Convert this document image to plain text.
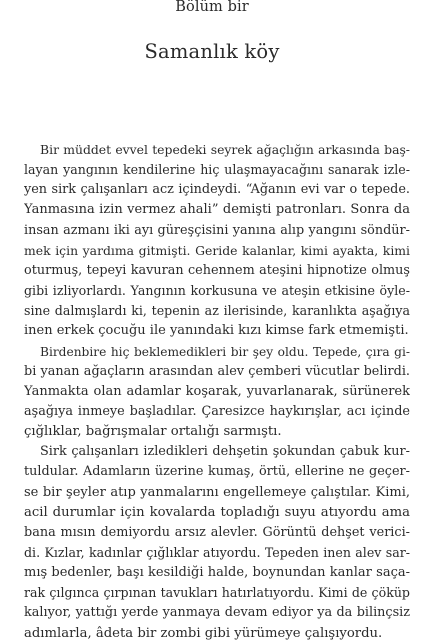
Bölüm bir
Samanlık köy
Bir müddet evvel tepedeki seyrek ağaçlığın arkasında baş-
layan yangının kendilerine hiç ulaşmayacağını sanarak izle-
yen sirk çalışanları acz içindeydi. “Ağanın evi var o tepede.
Yanmasına izin vermez ahali” demişti patronları. Sonra da
insan azmanı iki ayı güreşçisini yanına alıp yangını söndür-
mek için yardıma gitmişti. Geride kalanlar, kimi ayakta, kimi
oturmuş, tepeyi kavuran cehennem ateşini hipnotize olmuş
gibi izliyorlardı. Yangının korkusuna ve ateşin etkisine öyle-
sine dalmışlardı ki, tepenin az ilerisinde, karanlıkta aşağıya
inen erkek çocuğu ile yanındaki kızı kimse fark etmemişti.
Birdenbire hiç beklemedikleri bir şey oldu. Tepede, çıra gi-
bi yanan ağaçların arasından alev çemberi vücutlar belirdi.
Yanmakta olan adamlar koşarak, yuvarlanarak, sürünerek
aşağıya inmeye başladılar. Çaresizce haykırışlar, acı içinde
çığlıklar, bağrışmalar ortalığı sarmıştı.
Sirk çalışanları izledikleri dehşetin şokundan çabuk kur-
tuldular. Adamların üzerine kumaş, örtü, ellerine ne geçer-
se bir şeyler atıp yanmalarını engellemeye çalıştılar. Kimi,
acil durumlar için kovalarda topladığı suyu atıyordu ama
bana mısın demiyordu arsız alevler. Görüntü dehşet verici-
di. Kızlar, kadınlar çığlıklar atıyordu. Tepeden inen alev sar-
mış bedenler, başı kesildiği halde, boynundan kanlar saça-
rak çılgınca çırpınan tavukları hatırlatıyordu. Kimi de çöküp
kalıyor, yattığı yerde yanmaya devam ediyor ya da bilinçsiz
adımlarla, âdeta bir zombi gibi yürümeye çalışıyordu.
